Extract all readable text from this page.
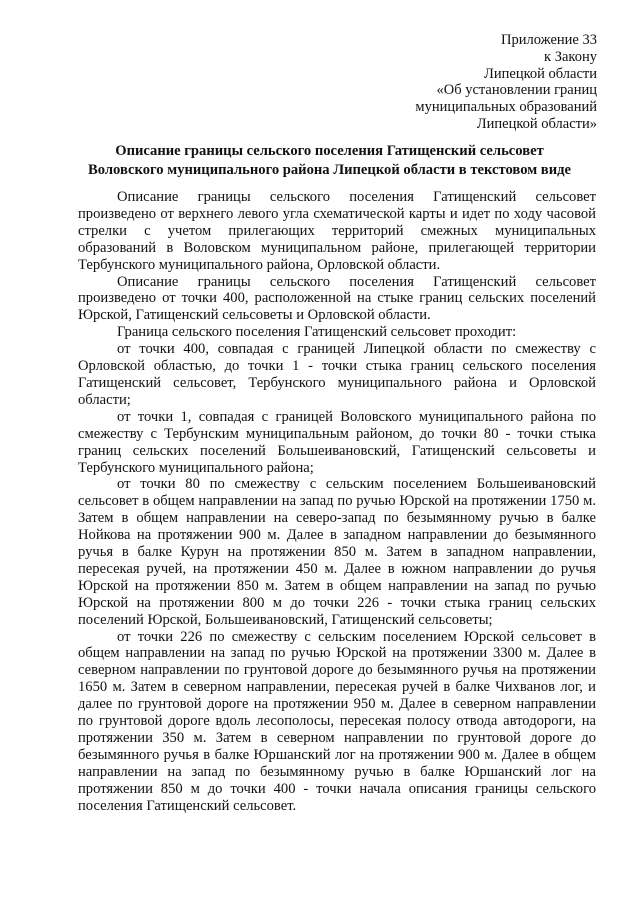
Приложение 33
к Закону
Липецкой области
«Об установлении границ
муниципальных образований
Липецкой области»
Описание границы сельского поселения Гатищенский сельсовет
Воловского муниципального района Липецкой области в текстовом виде

Описание границы сельского поселения Гатищенский сельсовет произведено от верхнего левого угла схематической карты и идет по ходу часовой стрелки с учетом прилегающих территорий смежных муниципальных образований в Воловском муниципальном районе, прилегающей территории Тербунского муниципального района, Орловской области.

Описание границы сельского поселения Гатищенский сельсовет произведено от точки 400, расположенной на стыке границ сельских поселений Юрской, Гатищенский сельсоветы и Орловской области.

Граница сельского поселения Гатищенский сельсовет проходит:

от точки 400, совпадая с границей Липецкой области по смежеству с Орловской областью, до точки 1 - точки стыка границ сельского поселения Гатищенский сельсовет, Тербунского муниципального района и Орловской области;

от точки 1, совпадая с границей Воловского муниципального района по смежеству с Тербунским муниципальным районом, до точки 80 - точки стыка границ сельских поселений Большеивановский, Гатищенский сельсоветы и Тербунского муниципального района;

от точки 80 по смежеству с сельским поселением Большеивановский сельсовет в общем направлении на запад по ручью Юрской на протяжении 1750 м. Затем в общем направлении на северо-запад по безымянному ручью в балке Нойкова на протяжении 900 м. Далее в западном направлении до безымянного ручья в балке Курун на протяжении 850 м. Затем в западном направлении, пересекая ручей, на протяжении 450 м. Далее в южном направлении до ручья Юрской на протяжении 850 м. Затем в общем направлении на запад по ручью Юрской на протяжении 800 м до точки 226 - точки стыка границ сельских поселений Юрской, Большеивановский, Гатищенский сельсоветы;

от точки 226 по смежеству с сельским поселением Юрской сельсовет в общем направлении на запад по ручью Юрской на протяжении 3300 м. Далее в северном направлении по грунтовой дороге до безымянного ручья на протяжении 1650 м. Затем в северном направлении, пересекая ручей в балке Чихванов лог, и далее по грунтовой дороге на протяжении 950 м. Далее в северном направлении по грунтовой дороге вдоль лесополосы, пересекая полосу отвода автодороги, на протяжении 350 м. Затем в северном направлении по грунтовой дороге до безымянного ручья в балке Юршанский лог на протяжении 900 м. Далее в общем направлении на запад по безымянному ручью в балке Юршанский лог на протяжении 850 м до точки 400 - точки начала описания границы сельского поселения Гатищенский сельсовет.
